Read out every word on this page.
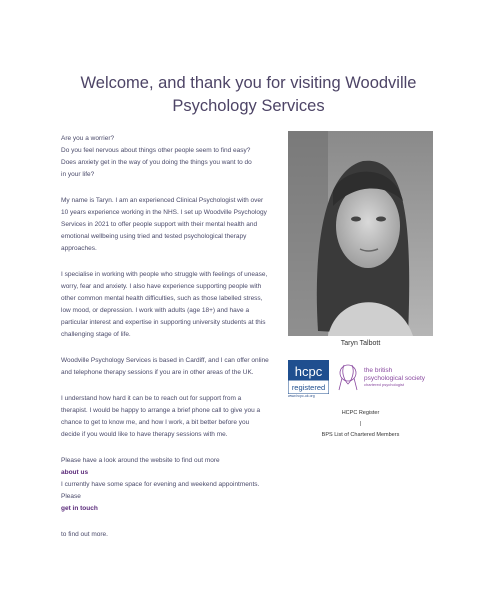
Welcome, and thank you for visiting Woodville Psychology Services

Are you a worrier?
Do you feel nervous about things other people seem to find easy?
Does anxiety get in the way of you doing the things you want to do
in your life?

My name is Taryn. I am an experienced Clinical Psychologist with over 10 years experience working in the NHS. I set up Woodville Psychology Services in 2021 to offer people support with their mental health and emotional wellbeing using tried and tested psychological therapy approaches.

I specialise in working with people who struggle with feelings of unease, worry, fear and anxiety. I also have experience supporting people with other common mental health difficulties, such as those labelled stress, low mood, or depression. I work with adults (age 18+) and have a particular interest and expertise in supporting university students at this challenging stage of life.

Woodville Psychology Services is based in Cardiff, and I can offer online and telephone therapy sessions if you are in other areas of the UK.

I understand how hard it can be to reach out for support from a therapist. I would be happy to arrange a brief phone call to give you a chance to get to know me, and how I work, a bit better before you decide if you would like to have therapy sessions with me.

Please have a look around the website to find out more
about us
I currently have some space for evening and weekend appointments. Please
get in touch
to find out more.
Taryn Talbott
hcpc
registered
www.hcpc-uk.org
the british
psychological society
chartered psychologist
HCPC Register
|
BPS List of Chartered Members
